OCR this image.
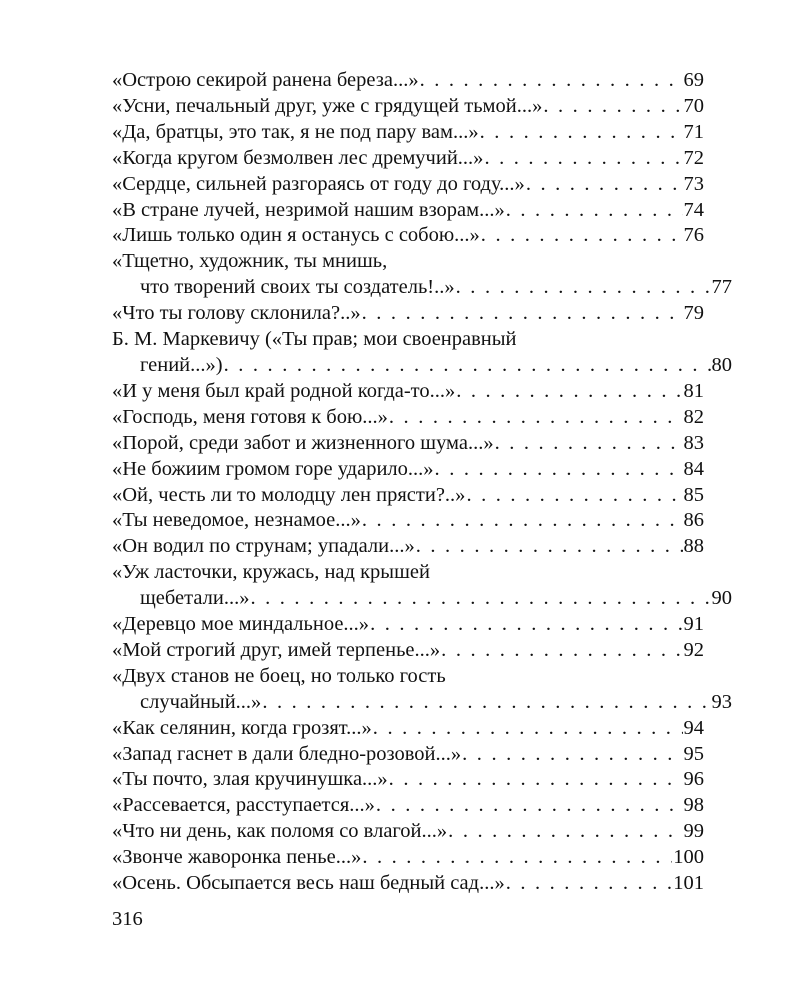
«Острою секирой ранена береза...» . . .	69
«Усни, печальный друг, уже с грядущей тьмой...» . . .	70
«Да, братцы, это так, я не под пару вам...» . . .	71
«Когда кругом безмолвен лес дремучий...» . . .	72
«Сердце, сильней разгораясь от году до году...» . . .	73
«В стране лучей, незримой нашим взорам...» . . .	74
«Лишь только один я останусь с собою...» . . .	76
«Тщетно, художник, ты мнишь,
что творений своих ты создатель!..» . . .	77
«Что ты голову склонила?..» . . .	79
Б. М. Маркевичу («Ты прав; мои своенравный
гений...») . . .	80
«И у меня был край родной когда-то...» . . .	81
«Господь, меня готовя к бою...» . . .	82
«Порой, среди забот и жизненного шума...» . . .	83
«Не божиим громом горе ударило...» . . .	84
«Ой, честь ли то молодцу лен прясти?..» . . .	85
«Ты неведомое, незнамое...» . . .	86
«Он водил по струнам; упадали...» . . .	88
«Уж ласточки, кружась, над крышей
щебетали...» . . .	90
«Деревцо мое миндальное...» . . .	91
«Мой строгий друг, имей терпенье...» . . .	92
«Двух станов не боец, но только гость
случайный...» . . .	93
«Как селянин, когда грозят...» . . .	94
«Запад гаснет в дали бледно-розовой...» . . .	95
«Ты почто, злая кручинушка...» . . .	96
«Рассевается, расступается...» . . .	98
«Что ни день, как поломя со влагой...» . . .	99
«Звонче жаворонка пенье...» . . .	100
«Осень. Обсыпается весь наш бедный сад...» . . .	101
316
